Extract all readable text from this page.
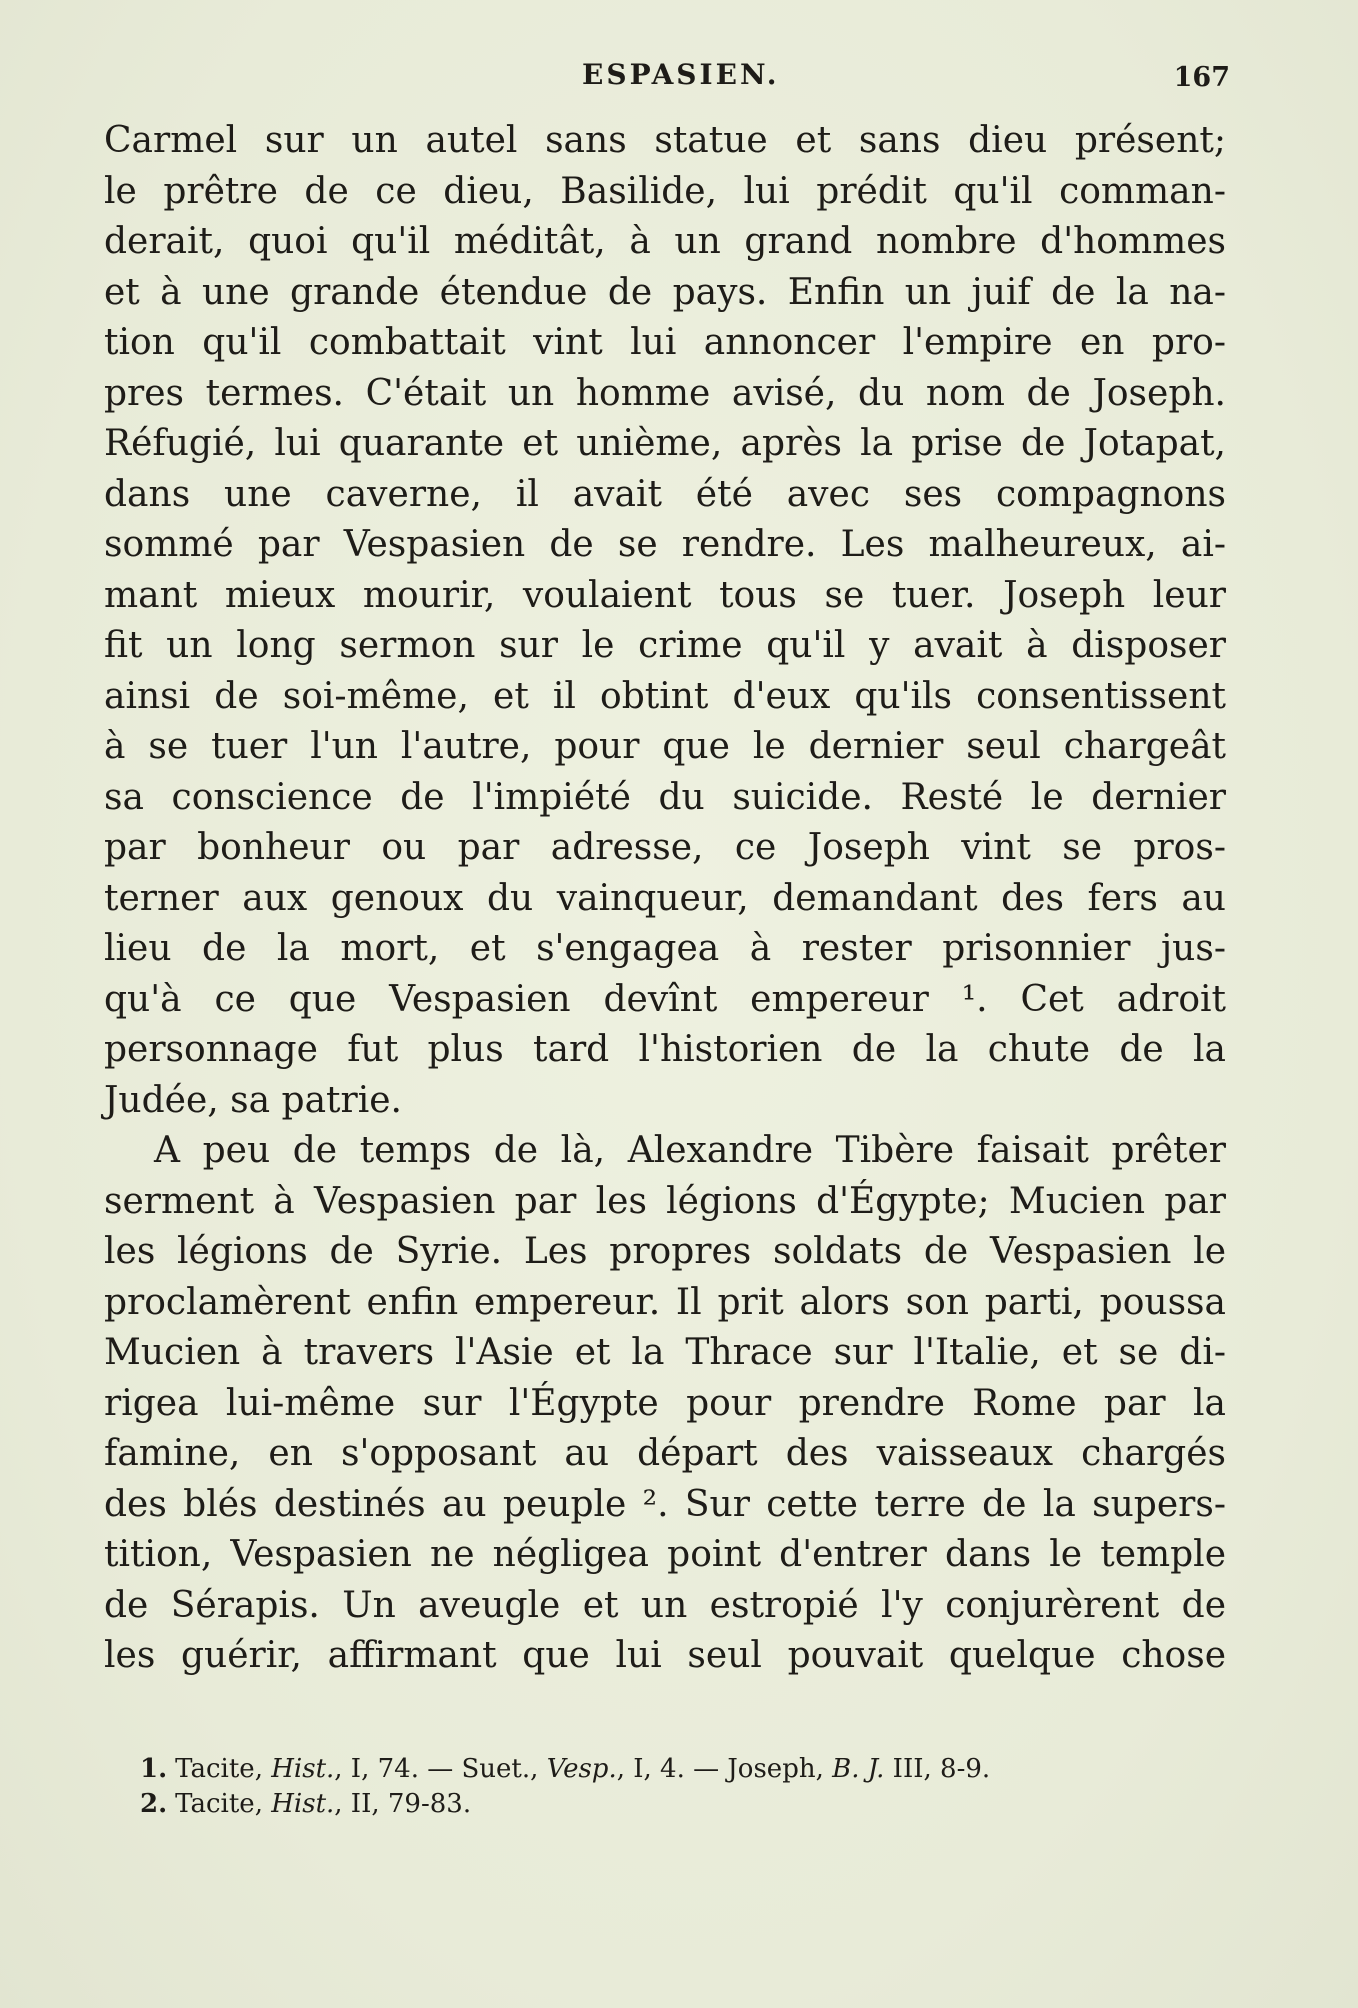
ESPASIEN.	167
Carmel sur un autel sans statue et sans dieu présent;
le prêtre de ce dieu, Basilide, lui prédit qu'il comman-
derait, quoi qu'il méditât, à un grand nombre d'hommes
et à une grande étendue de pays. Enfin un juif de la na-
tion qu'il combattait vint lui annoncer l'empire en pro-
pres termes. C'était un homme avisé, du nom de Joseph.
Réfugié, lui quarante et unième, après la prise de Jotapat,
dans une caverne, il avait été avec ses compagnons
sommé par Vespasien de se rendre. Les malheureux, ai-
mant mieux mourir, voulaient tous se tuer. Joseph leur
fit un long sermon sur le crime qu'il y avait à disposer
ainsi de soi-même, et il obtint d'eux qu'ils consentissent
à se tuer l'un l'autre, pour que le dernier seul chargeât
sa conscience de l'impiété du suicide. Resté le dernier
par bonheur ou par adresse, ce Joseph vint se pros-
terner aux genoux du vainqueur, demandant des fers au
lieu de la mort, et s'engagea à rester prisonnier jus-
qu'à ce que Vespasien devînt empereur ¹. Cet adroit
personnage fut plus tard l'historien de la chute de la
Judée, sa patrie.
A peu de temps de là, Alexandre Tibère faisait prêter
serment à Vespasien par les légions d'Égypte; Mucien par
les légions de Syrie. Les propres soldats de Vespasien le
proclamèrent enfin empereur. Il prit alors son parti, poussa
Mucien à travers l'Asie et la Thrace sur l'Italie, et se di-
rigea lui-même sur l'Égypte pour prendre Rome par la
famine, en s'opposant au départ des vaisseaux chargés
des blés destinés au peuple ². Sur cette terre de la supers-
tition, Vespasien ne négligea point d'entrer dans le temple
de Sérapis. Un aveugle et un estropié l'y conjurèrent de
les guérir, affirmant que lui seul pouvait quelque chose
1. Tacite, Hist., I, 74. — Suet., Vesp., I, 4. — Joseph, B. J. III, 8-9.
2. Tacite, Hist., II, 79-83.
